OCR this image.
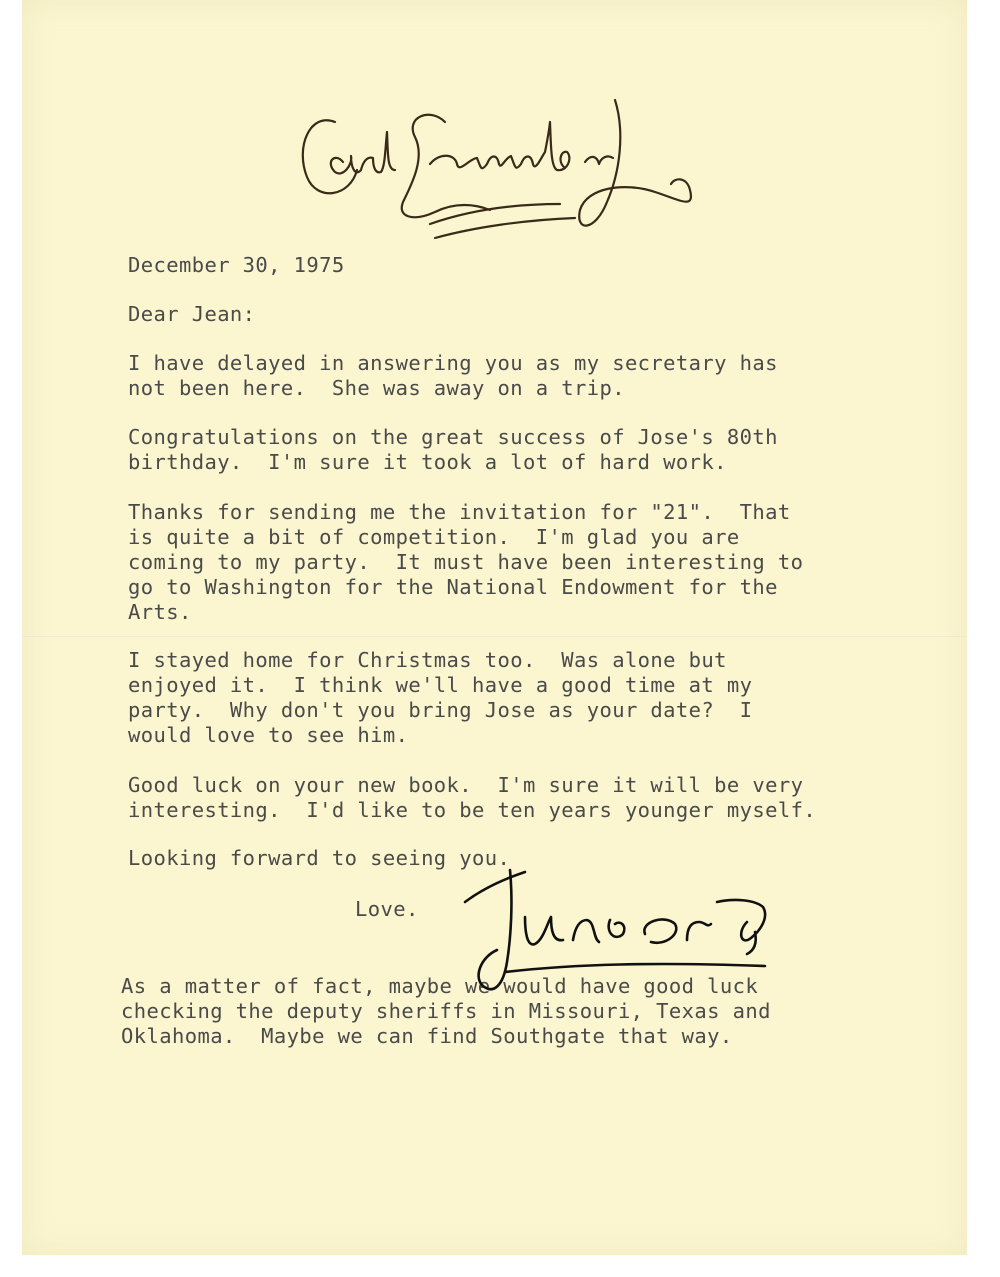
December 30, 1975

Dear Jean:

I have delayed in answering you as my secretary has
not been here.  She was away on a trip.

Congratulations on the great success of Jose's 80th
birthday.  I'm sure it took a lot of hard work.

Thanks for sending me the invitation for "21".  That
is quite a bit of competition.  I'm glad you are
coming to my party.  It must have been interesting to
go to Washington for the National Endowment for the
Arts.

I stayed home for Christmas too.  Was alone but
enjoyed it.  I think we'll have a good time at my
party.  Why don't you bring Jose as your date?  I
would love to see him.

Good luck on your new book.  I'm sure it will be very
interesting.  I'd like to be ten years younger myself.

Looking forward to seeing you.

Love.

As a matter of fact, maybe we would have good luck
checking the deputy sheriffs in Missouri, Texas and
Oklahoma.  Maybe we can find Southgate that way.
